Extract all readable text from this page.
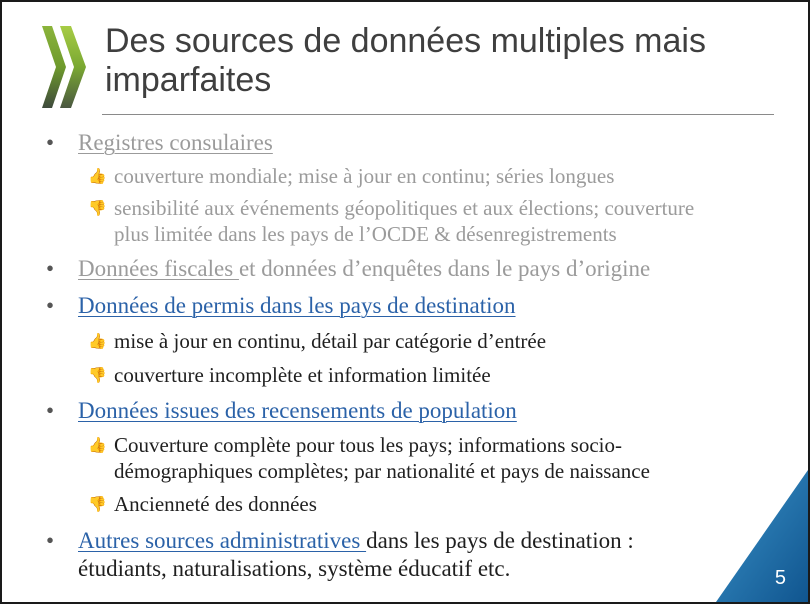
Des sources de données multiples mais
imparfaites
• Registres consulaires
👍 couverture mondiale; mise à jour en continu; séries longues
👎 sensibilité aux événements géopolitiques et aux élections; couverture
plus limitée dans les pays de l’OCDE & désenregistrements
• Données fiscales et données d’enquêtes dans le pays d’origine
• Données de permis dans les pays de destination
👍 mise à jour en continu, détail par catégorie d’entrée
👎 couverture incomplète et information limitée
• Données issues des recensements de population
👍 Couverture complète pour tous les pays; informations socio-
démographiques complètes; par nationalité et pays de naissance
👎 Ancienneté des données
• Autres sources administratives dans les pays de destination :
étudiants, naturalisations, système éducatif etc.	5
